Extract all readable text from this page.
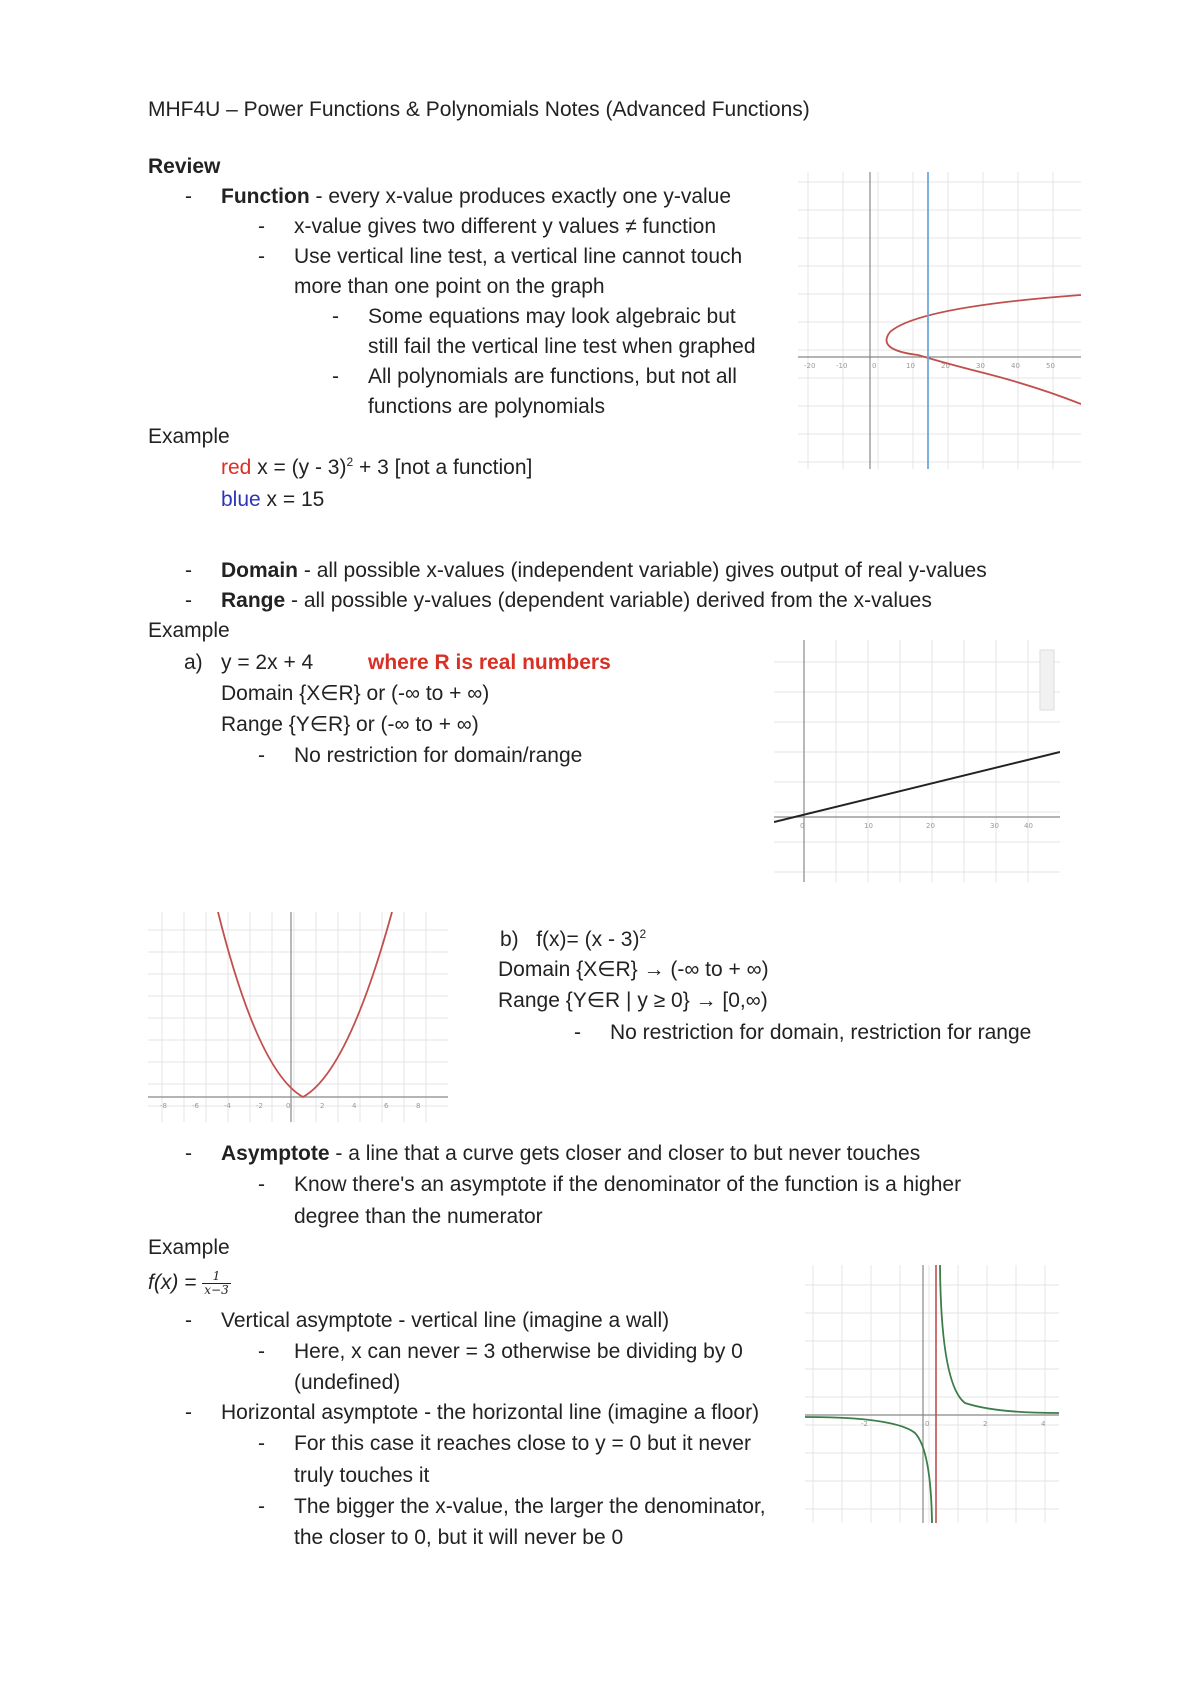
MHF4U – Power Functions & Polynomials Notes (Advanced Functions)
Review
- Function - every x-value produces exactly one y-value
- x-value gives two different y values ≠ function
- Use vertical line test, a vertical line cannot touch
more than one point on the graph
- Some equations may look algebraic but
still fail the vertical line test when graphed
- All polynomials are functions, but not all
functions are polynomials
Example
red x = (y - 3)$^2$ + 3 [not a function]
blue x = 15
-20	-10	0	10	20	30	40	50
- Domain - all possible x-values (independent variable) gives output of real y-values
- Range - all possible y-values (dependent variable) derived from the x-values
Example
a) y = 2x + 4	where R is real numbers
Domain {X∈R} or (-∞ to + ∞)
Range {Y∈R} or (-∞ to + ∞)
- No restriction for domain/range
0	10	20	30	40
-8	-6	-4	-2	0	2	4	6	8
b) f(x)= (x - 3)$^2$
Domain {X∈R} → (-∞ to + ∞)
Range {Y∈R | y ≥ 0} → [0,∞)
- No restriction for domain, restriction for range
- Asymptote - a line that a curve gets closer and closer to but never touches
- Know there's an asymptote if the denominator of the function is a higher
degree than the numerator
Example
$f(x) = \frac{1}{x-3}$
- Vertical asymptote - vertical line (imagine a wall)
- Here, x can never = 3 otherwise be dividing by 0
(undefined)
- Horizontal asymptote - the horizontal line (imagine a floor)
- For this case it reaches close to y = 0 but it never
truly touches it
- The bigger the x-value, the larger the denominator,
the closer to 0, but it will never be 0
-2	0	2	4
